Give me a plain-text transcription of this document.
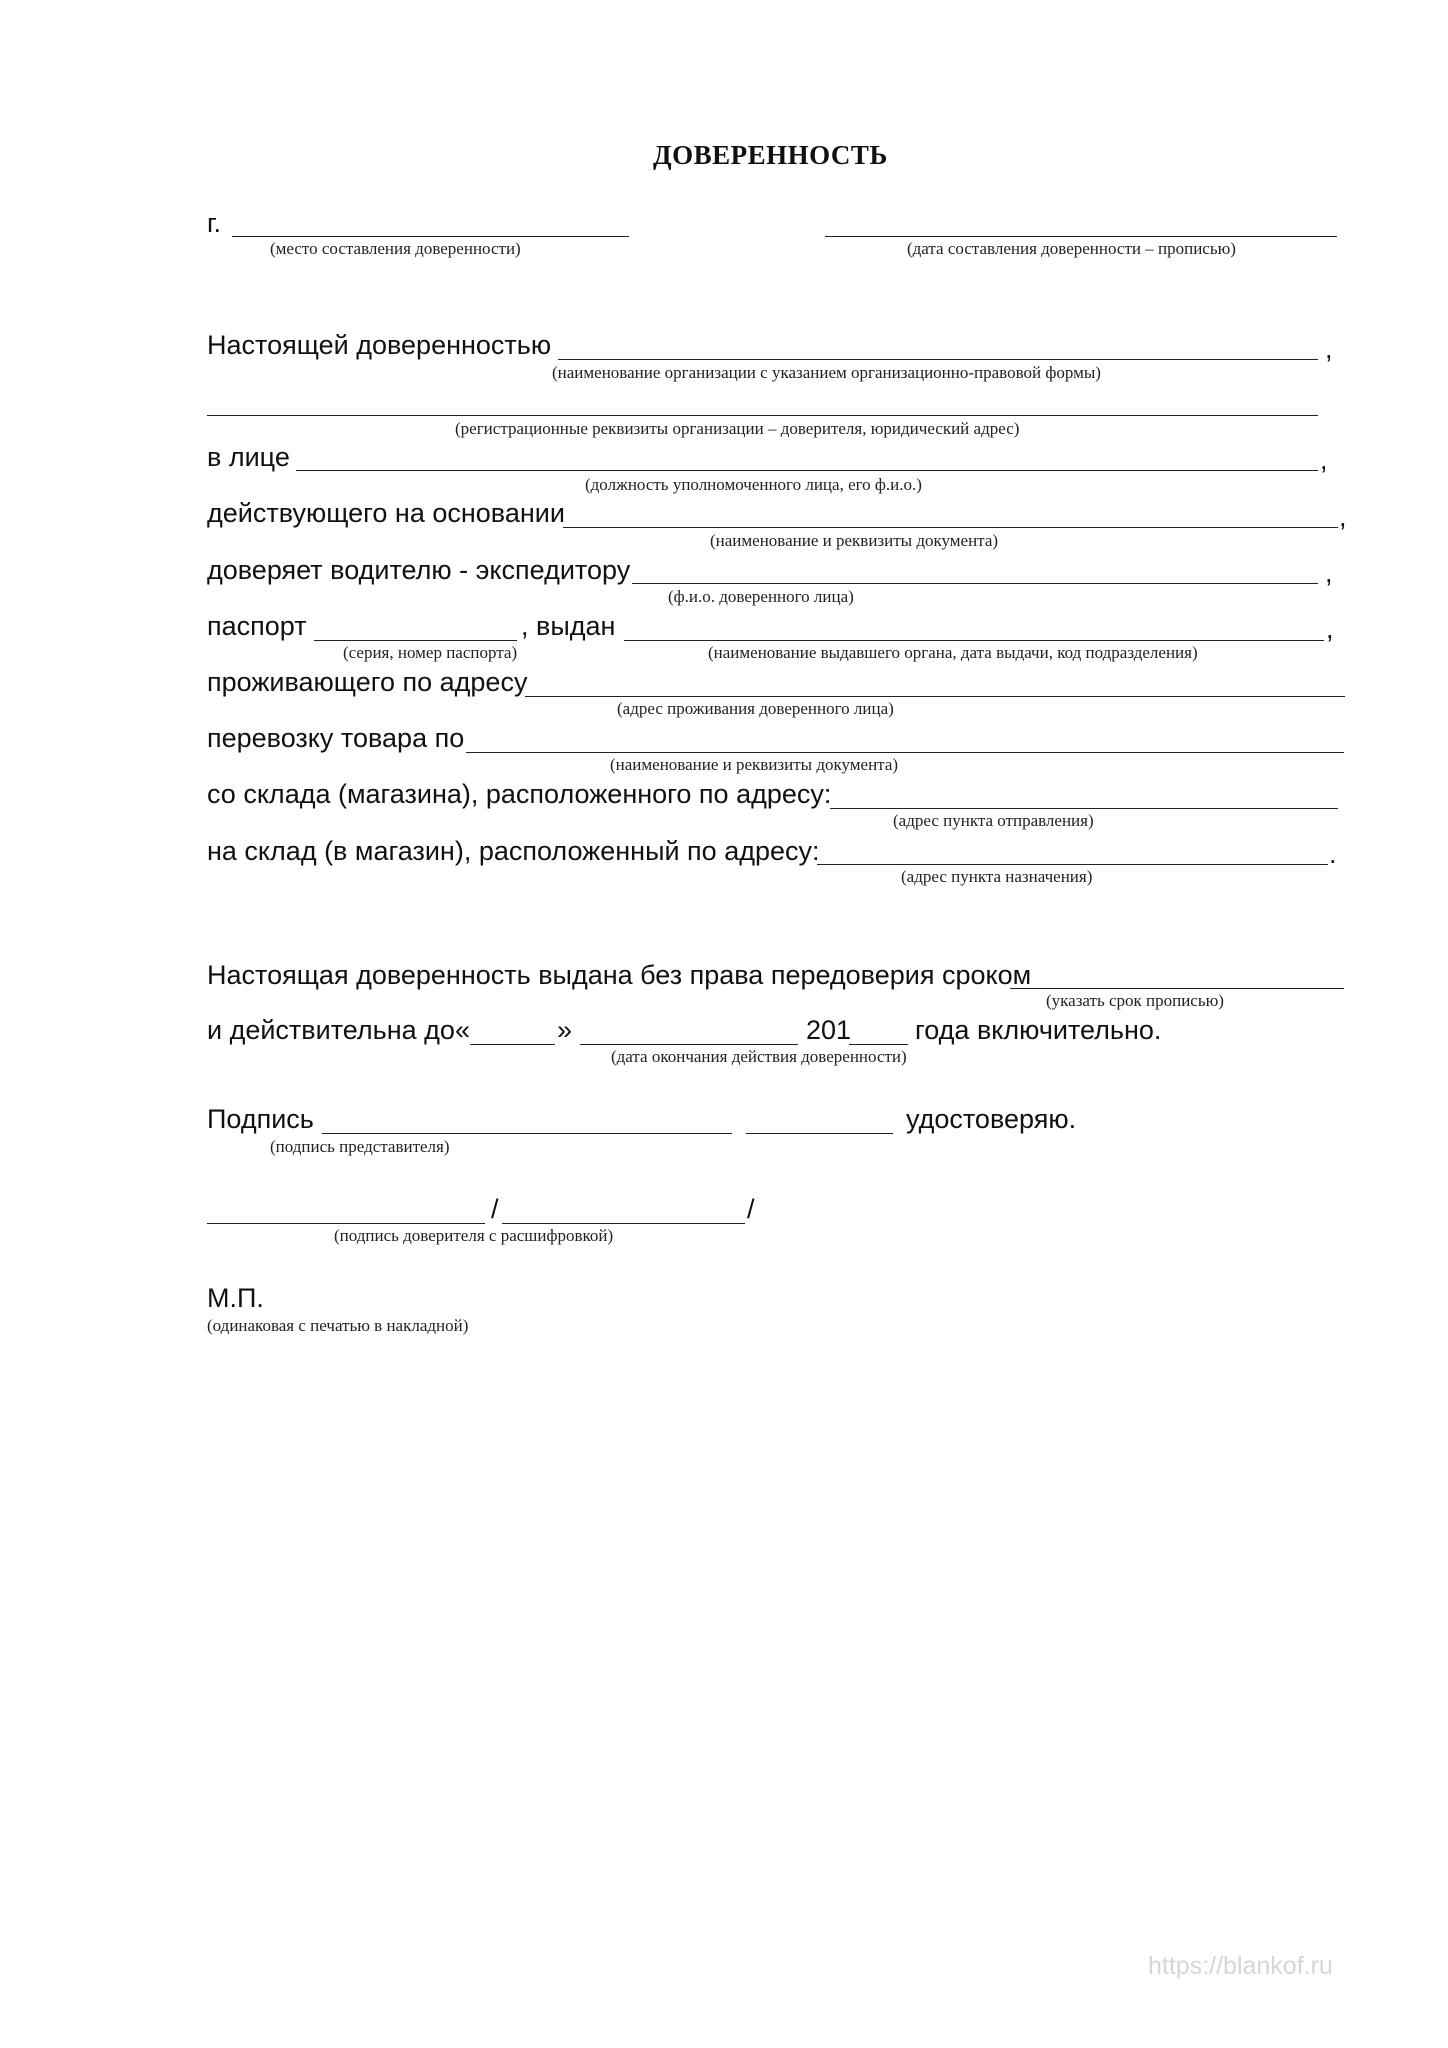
ДОВЕРЕННОСТЬ
г.
(место составления доверенности)	(дата составления доверенности – прописью)
Настоящей доверенностью	,
(наименование организации с указанием организационно-правовой формы)
(регистрационные реквизиты организации – доверителя, юридический адрес)
в лице	,
(должность уполномоченного лица, его ф.и.о.)
действующего на основании	,
(наименование и реквизиты документа)
доверяет водителю - экспедитору	,
(ф.и.о. доверенного лица)
паспорт	, выдан	,
(серия, номер паспорта)	(наименование выдавшего органа, дата выдачи, код подразделения)
проживающего по адресу
(адрес проживания доверенного лица)
перевозку товара по
(наименование и реквизиты документа)
со склада (магазина), расположенного по адресу:
(адрес пункта отправления)
на склад (в магазин), расположенный по адресу:	.
(адрес пункта назначения)
Настоящая доверенность выдана без права передоверия сроком
(указать срок прописью)
и действительна до «	»	201 года включительно.
(дата окончания действия доверенности)
Подпись	удостоверяю.
(подпись представителя)
/	/
(подпись доверителя с расшифровкой)
М.П.
(одинаковая с печатью в накладной)
https://blankof.ru
